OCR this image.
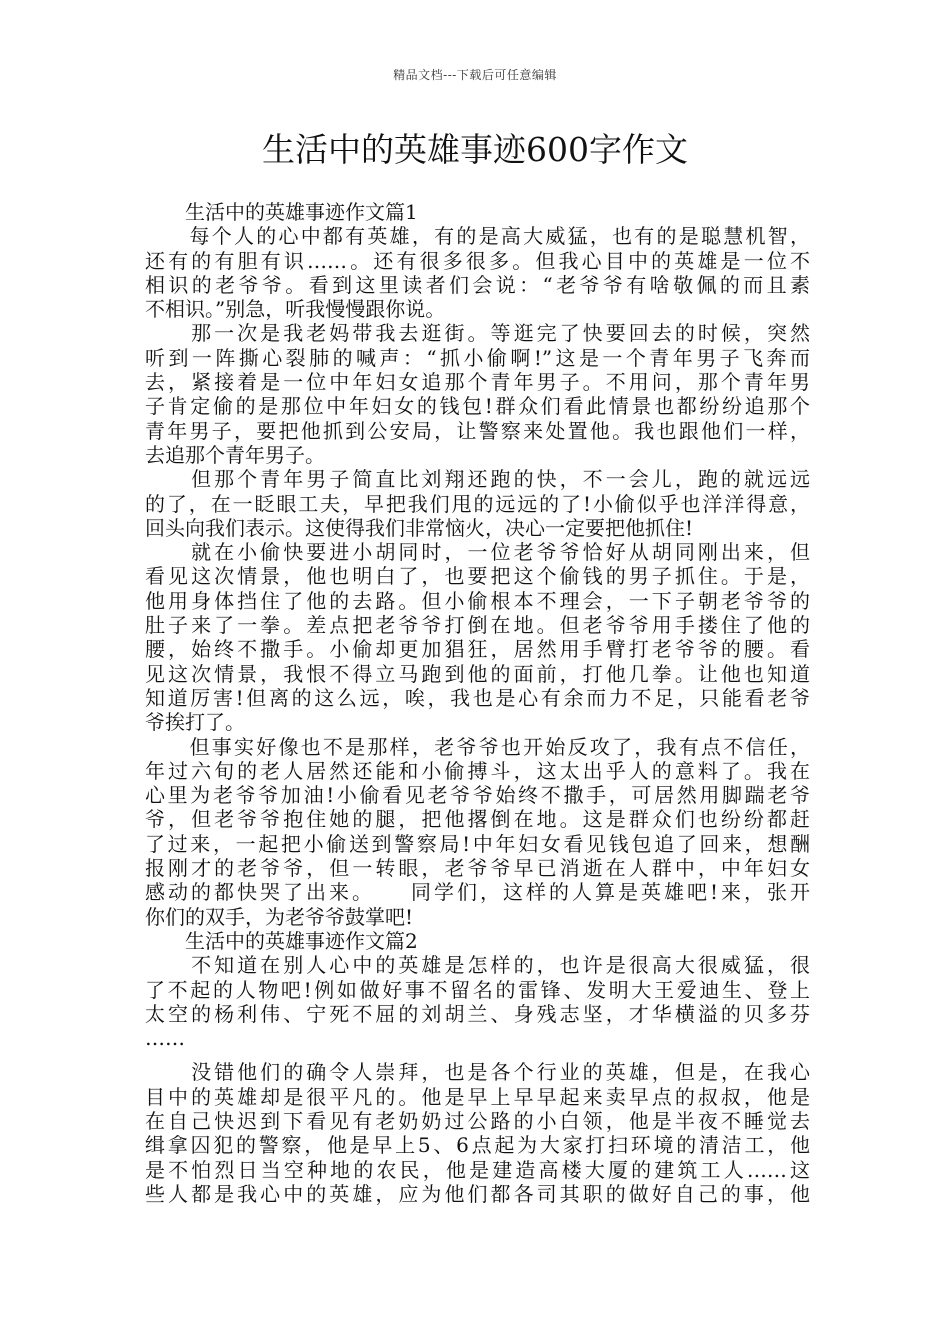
精品文档---下载后可任意编辑
生活中的英雄事迹600字作文
　　生活中的英雄事迹作文篇1
　　每个人的心中都有英雄，有的是高大威猛，也有的是聪慧机智，
还有的有胆有识……。还有很多很多。但我心目中的英雄是一位不
相识的老爷爷。看到这里读者们会说：“老爷爷有啥敬佩的而且素
不相识。”别急，听我慢慢跟你说。
　　那一次是我老妈带我去逛街。等逛完了快要回去的时候，突然
听到一阵撕心裂肺的喊声：“抓小偷啊!”这是一个青年男子飞奔而
去，紧接着是一位中年妇女追那个青年男子。不用问，那个青年男
子肯定偷的是那位中年妇女的钱包!群众们看此情景也都纷纷追那个
青年男子，要把他抓到公安局，让警察来处置他。我也跟他们一样，
去追那个青年男子。
　　但那个青年男子简直比刘翔还跑的快，不一会儿，跑的就远远
的了，在一眨眼工夫，早把我们甩的远远的了!小偷似乎也洋洋得意，
回头向我们表示。这使得我们非常恼火，决心一定要把他抓住!
　　就在小偷快要进小胡同时，一位老爷爷恰好从胡同刚出来，但
看见这次情景，他也明白了，也要把这个偷钱的男子抓住。于是，
他用身体挡住了他的去路。但小偷根本不理会，一下子朝老爷爷的
肚子来了一拳。差点把老爷爷打倒在地。但老爷爷用手搂住了他的
腰，始终不撒手。小偷却更加猖狂，居然用手臂打老爷爷的腰。看
见这次情景，我恨不得立马跑到他的面前，打他几拳。让他也知道
知道厉害!但离的这么远，唉，我也是心有余而力不足，只能看老爷
爷挨打了。
　　但事实好像也不是那样，老爷爷也开始反攻了，我有点不信任，
年过六旬的老人居然还能和小偷搏斗，这太出乎人的意料了。我在
心里为老爷爷加油!小偷看见老爷爷始终不撒手，可居然用脚踹老爷
爷，但老爷爷抱住她的腿，把他撂倒在地。这是群众们也纷纷都赶
了过来，一起把小偷送到警察局!中年妇女看见钱包追了回来，想酬
报刚才的老爷爷，但一转眼，老爷爷早已消逝在人群中，中年妇女
感动的都快哭了出来。　　同学们，这样的人算是英雄吧!来，张开
你们的双手，为老爷爷鼓掌吧!
　　生活中的英雄事迹作文篇2
　　不知道在别人心中的英雄是怎样的，也许是很高大很威猛，很
了不起的人物吧!例如做好事不留名的雷锋、发明大王爱迪生、登上
太空的杨利伟、宁死不屈的刘胡兰、身残志坚，才华横溢的贝多芬
……
　　没错他们的确令人崇拜，也是各个行业的英雄，但是，在我心
目中的英雄却是很平凡的。他是早上早早起来卖早点的叔叔，他是
在自己快迟到下看见有老奶奶过公路的小白领，他是半夜不睡觉去
缉拿囚犯的警察，他是早上5、6点起为大家打扫环境的清洁工，他
是不怕烈日当空种地的农民，他是建造高楼大厦的建筑工人……这
些人都是我心中的英雄，应为他们都各司其职的做好自己的事，他
